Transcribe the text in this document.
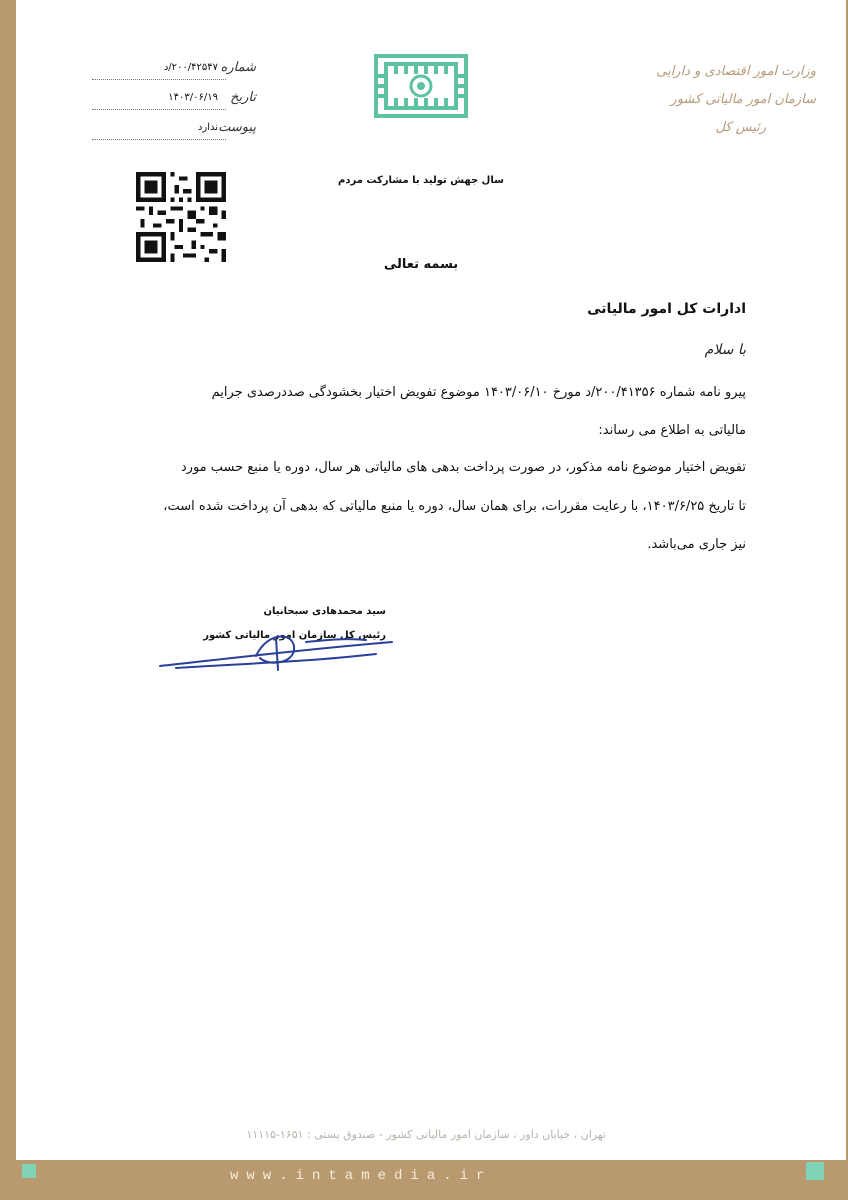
وزارت امور اقتصادی و دارایی
سازمان امور مالیاتی کشور
رئیس کل
سال جهش تولید با مشارکت مردم
شماره
۲۰۰/۴۲۵۴۷/د
تاریخ
۱۴۰۳/۰۶/۱۹
پیوست
ندارد
بسمه تعالی
ادارات کل امور مالیاتی
با سلام
پیرو نامه شماره ۲۰۰/۴۱۳۵۶/د مورخ ۱۴۰۳/۰۶/۱۰ موضوع تفویض اختیار بخشودگی صددرصدی جرایم
مالیاتی به اطلاع می رساند:
تفویض اختیار موضوع نامه مذکور، در صورت پرداخت بدهی های مالیاتی هر سال، دوره یا منبع حسب مورد
تا تاریخ ۱۴۰۳/۶/۲۵، با رعایت مقررات، برای همان سال، دوره یا منبع مالیاتی که بدهی آن پرداخت شده است،
نیز جاری می‌باشد.
سید محمدهادی سبحانیان
رئیس کل سازمان امور مالیاتی کشور
تهران ، خیابان داور ، سازمان امور مالیاتی کشور - صندوق پستی : ۱۶۵۱-۱۱۱۱۵
www.intamedia.ir
